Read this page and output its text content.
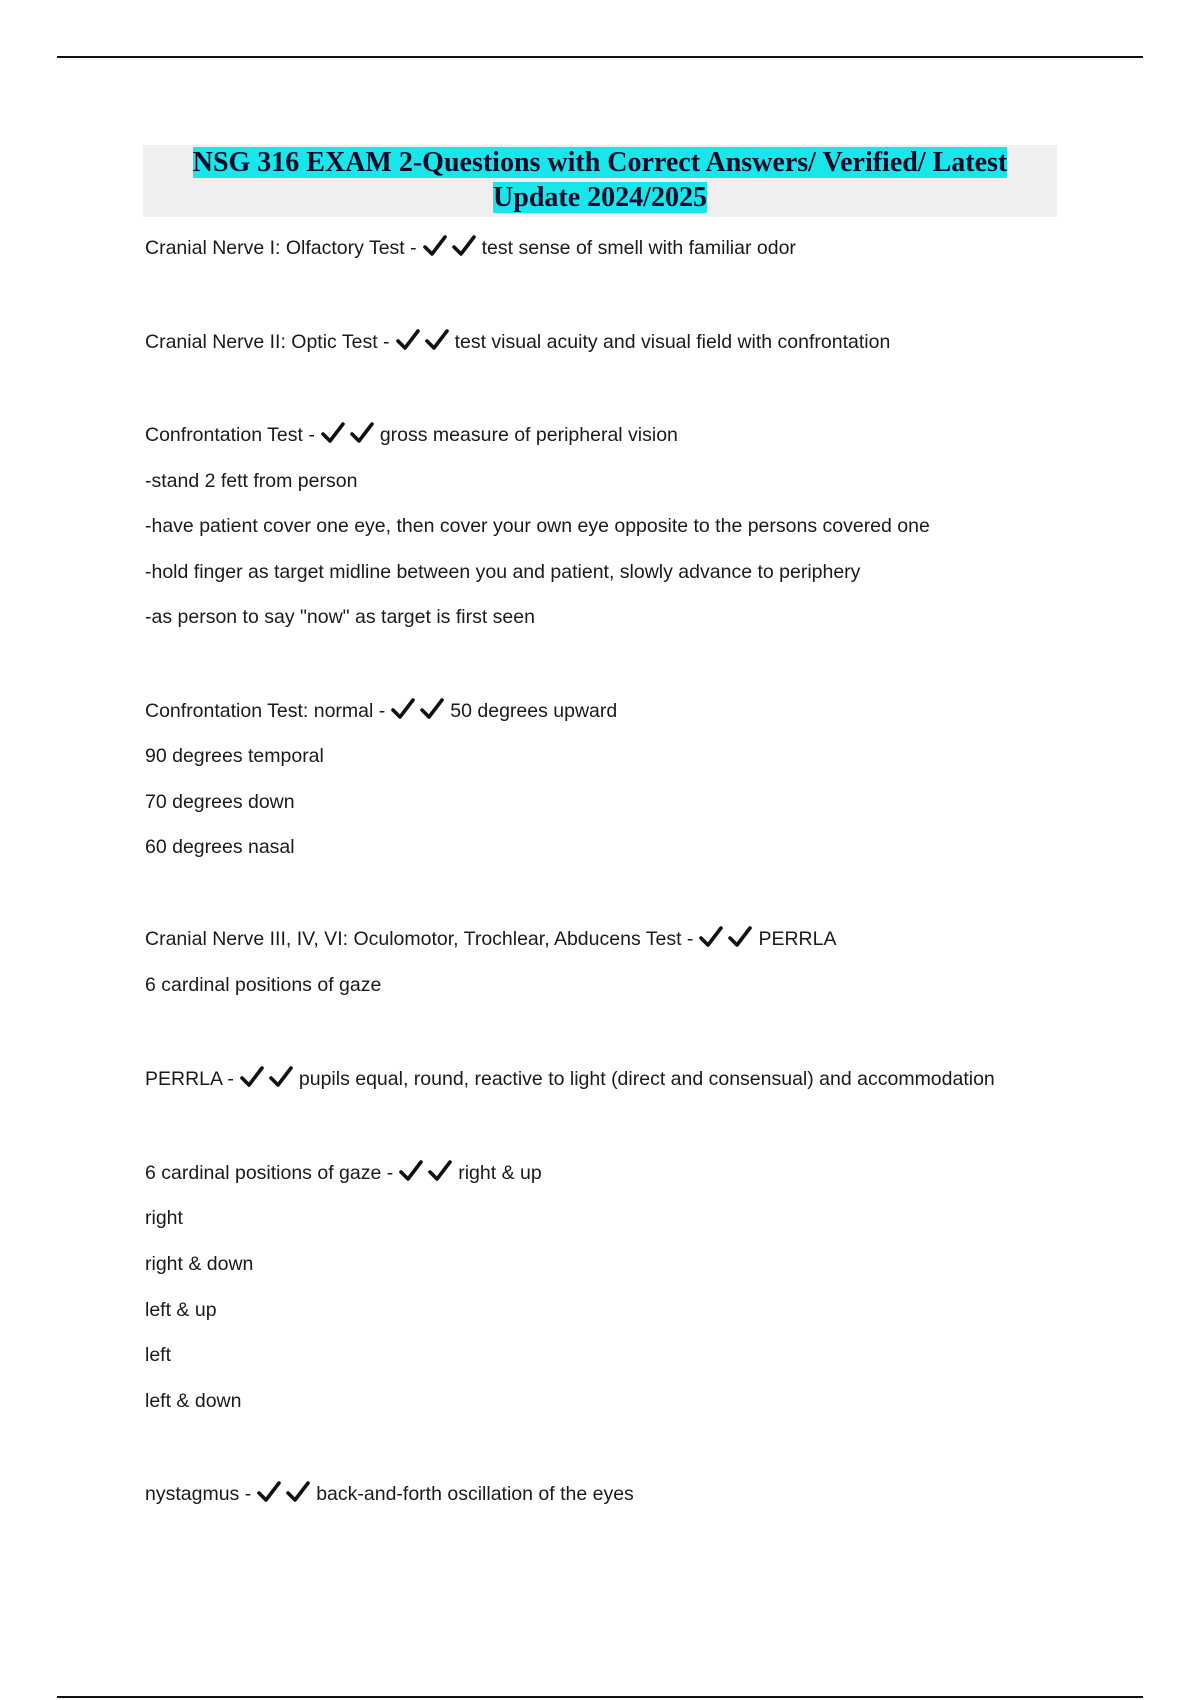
NSG 316 EXAM 2-Questions with Correct Answers/ Verified/ Latest
Update 2024/2025
Cranial Nerve I: Olfactory Test -	test sense of smell with familiar odor
Cranial Nerve II: Optic Test -	test visual acuity and visual field with confrontation
Confrontation Test -	gross measure of peripheral vision
-stand 2 fett from person
-have patient cover one eye, then cover your own eye opposite to the persons covered one
-hold finger as target midline between you and patient, slowly advance to periphery
-as person to say "now" as target is first seen
Confrontation Test: normal -	50 degrees upward
90 degrees temporal
70 degrees down
60 degrees nasal
Cranial Nerve III, IV, VI: Oculomotor, Trochlear, Abducens Test -	PERRLA
6 cardinal positions of gaze
PERRLA -	pupils equal, round, reactive to light (direct and consensual) and accommodation
6 cardinal positions of gaze -	right & up
right
right & down
left & up
left
left & down
nystagmus -	back-and-forth oscillation of the eyes
